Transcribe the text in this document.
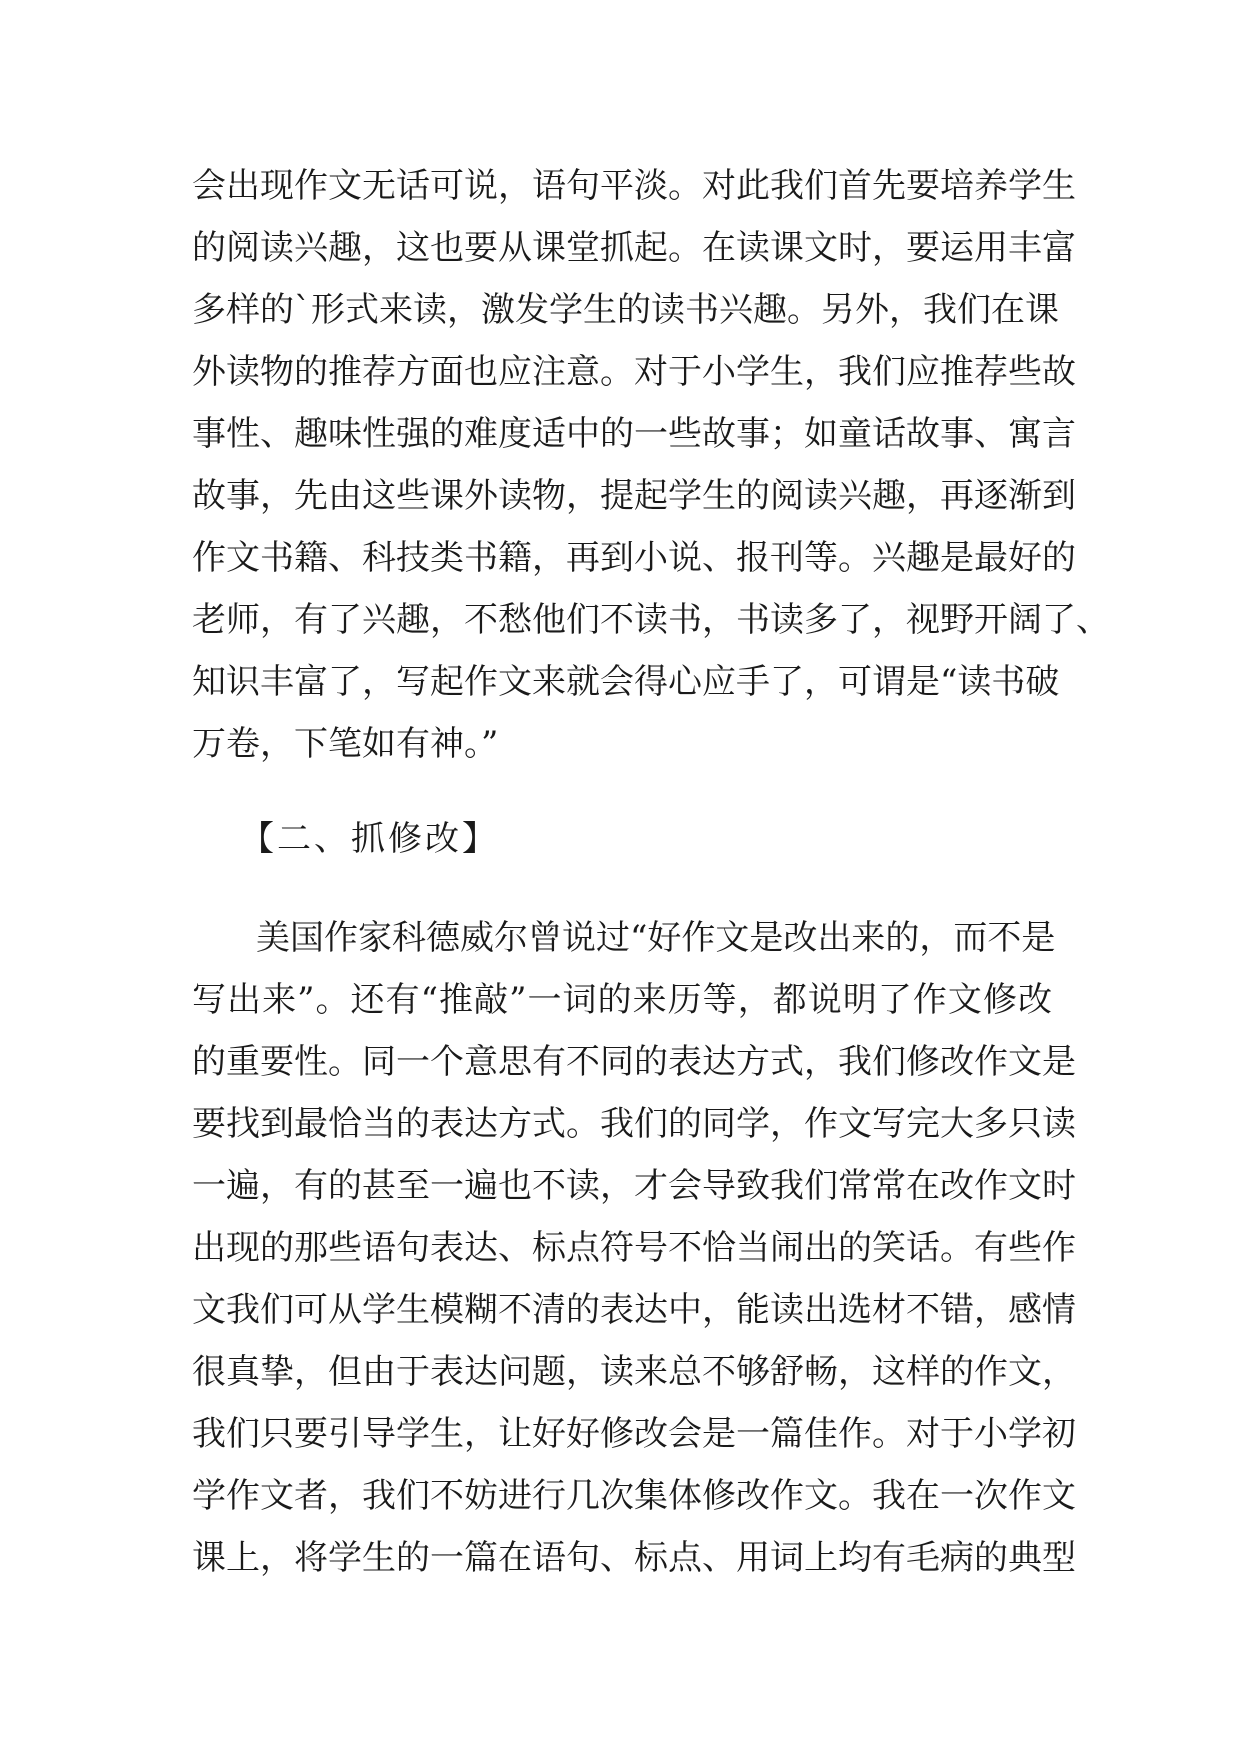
会出现作文无话可说，语句平淡。对此我们首先要培养学生

的阅读兴趣，这也要从课堂抓起。在读课文时，要运用丰富

多样的`形式来读，激发学生的读书兴趣。另外，我们在课

外读物的推荐方面也应注意。对于小学生，我们应推荐些故

事性、趣味性强的难度适中的一些故事；如童话故事、寓言

故事，先由这些课外读物，提起学生的阅读兴趣，再逐渐到

作文书籍、科技类书籍，再到小说、报刊等。兴趣是最好的

老师，有了兴趣，不愁他们不读书，书读多了，视野开阔了、

知识丰富了，写起作文来就会得心应手了，可谓是“读书破

万卷，下笔如有神。”

【二、抓修改】

美国作家科德威尔曾说过“好作文是改出来的，而不是

写出来”。还有“推敲”一词的来历等，都说明了作文修改

的重要性。同一个意思有不同的表达方式，我们修改作文是

要找到最恰当的表达方式。我们的同学，作文写完大多只读

一遍，有的甚至一遍也不读，才会导致我们常常在改作文时

出现的那些语句表达、标点符号不恰当闹出的笑话。有些作

文我们可从学生模糊不清的表达中，能读出选材不错，感情

很真挚，但由于表达问题，读来总不够舒畅，这样的作文，

我们只要引导学生，让好好修改会是一篇佳作。对于小学初

学作文者，我们不妨进行几次集体修改作文。我在一次作文

课上，将学生的一篇在语句、标点、用词上均有毛病的典型
